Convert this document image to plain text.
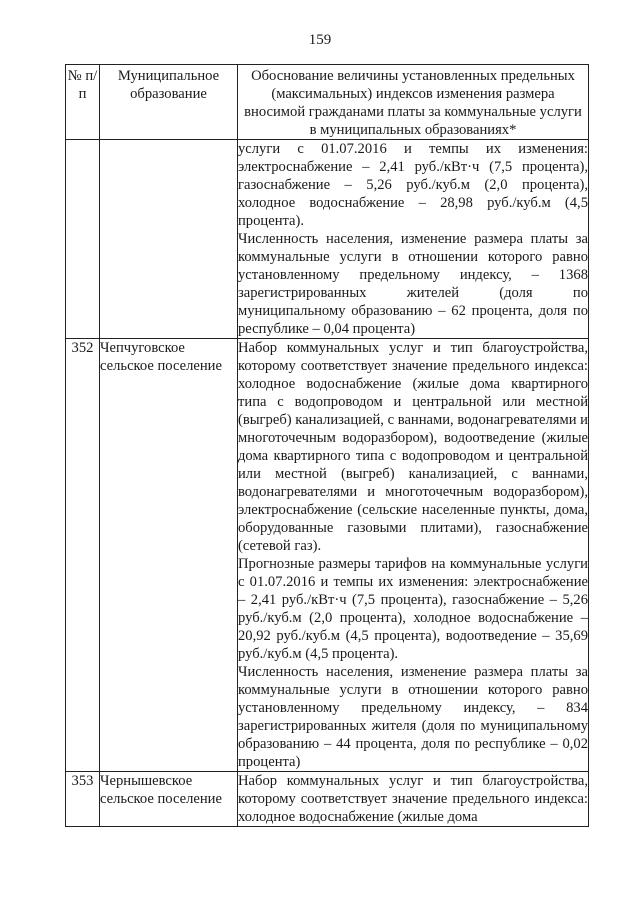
159
№ п/п	Муниципальное образование	Обоснование величины установленных предельных (максимальных) индексов изменения размера вносимой гражданами платы за коммунальные услуги в муниципальных образованиях*

		услуги с 01.07.2016 и темпы их изменения: электроснабжение – 2,41 руб./кВт·ч (7,5 процента), газоснабжение – 5,26 руб./куб.м (2,0 процента), холодное водоснабжение – 28,98 руб./куб.м (4,5 процента).

Численность населения, изменение размера платы за коммунальные услуги в отношении которого равно установленному предельному индексу, – 1368 зарегистрированных жителей (доля по муниципальному образованию – 62 процента, доля по республике – 0,04 процента)

352	Чепчуговское сельское поселение	Набор коммунальных услуг и тип благоустройства, которому соответствует значение предельного индекса: холодное водоснабжение (жилые дома квартирного типа с водопроводом и центральной или местной (выгреб) канализацией, с ваннами, водонагревателями и многоточечным водоразбором), водоотведение (жилые дома квартирного типа с водопроводом и центральной или местной (выгреб) канализацией, с ваннами, водонагревателями и многоточечным водоразбором), электроснабжение (сельские населенные пункты, дома, оборудованные газовыми плитами), газоснабжение (сетевой газ).

Прогнозные размеры тарифов на коммунальные услуги с 01.07.2016 и темпы их изменения: электроснабжение – 2,41 руб./кВт·ч (7,5 процента), газоснабжение – 5,26 руб./куб.м (2,0 процента), холодное водоснабжение – 20,92 руб./куб.м (4,5 процента), водоотведение – 35,69 руб./куб.м (4,5 процента).

Численность населения, изменение размера платы за коммунальные услуги в отношении которого равно установленному предельному индексу, – 834 зарегистрированных жителя (доля по муниципальному образованию – 44 процента, доля по республике – 0,02 процента)

353	Чернышевское сельское поселение	Набор коммунальных услуг и тип благоустройства, которому соответствует значение предельного индекса: холодное водоснабжение (жилые дома
